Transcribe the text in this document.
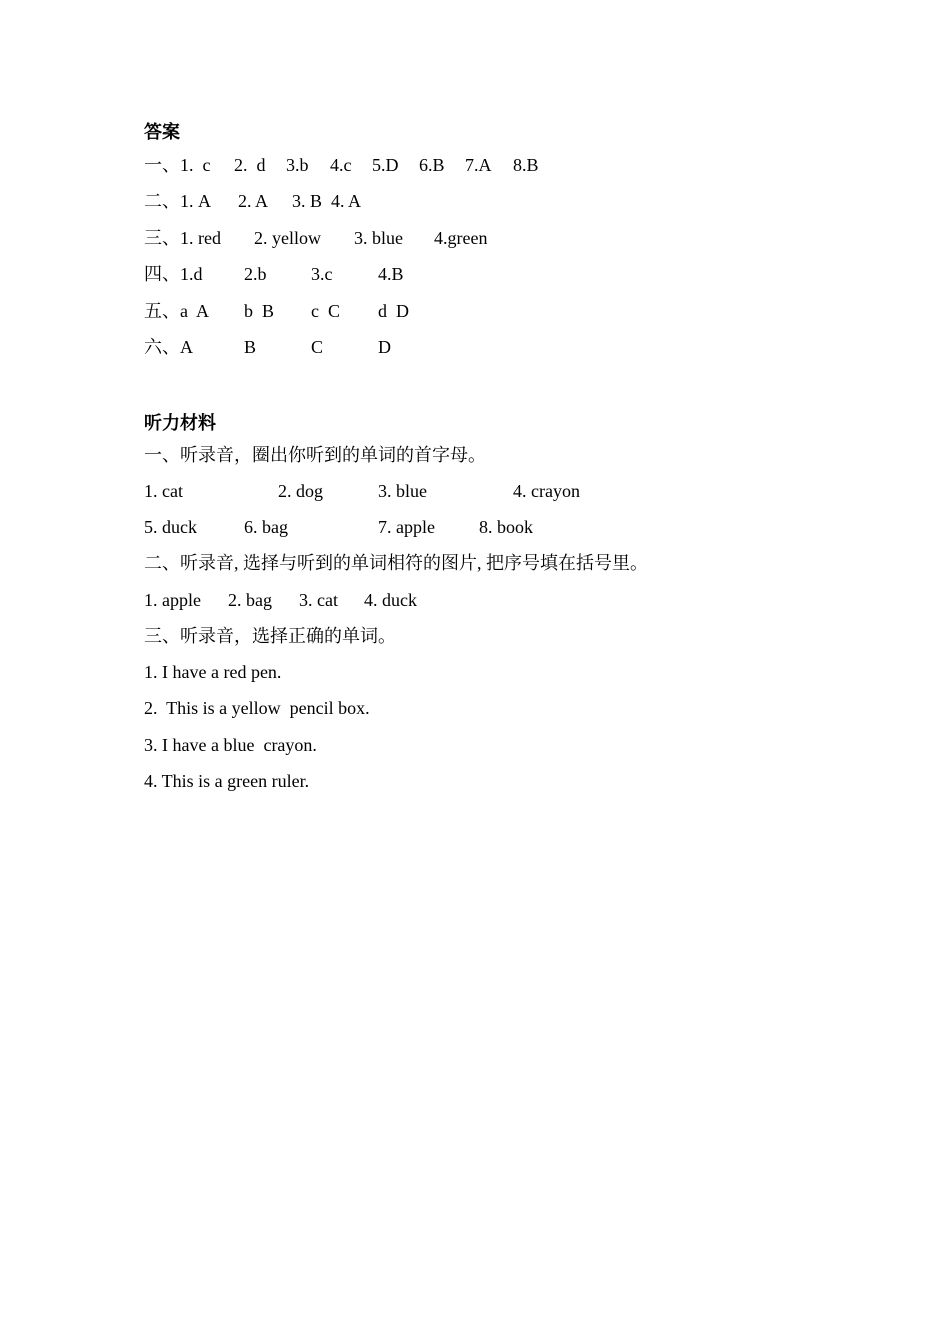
答案
一、1.  c 2.  d 3.b 4.c 5.D 6.B 7.A 8.B
二、1. A 2. A 3. B  4. A
三、1. red 2. yellow 3. blue 4.green
四、1.d 2.b 3.c	4.B
五、a  A b  B c  C d  D
六、A	B	C	D
听力材料
一、听录音，圈出你听到的单词的首字母。
1. cat	2. dog	3. blue	4. crayon
5. duck	6. bag	7. apple 8. book
二、听录音, 选择与听到的单词相符的图片, 把序号填在括号里。
1. apple 2. bag 3. cat 4. duck
三、听录音，选择正确的单词。
1. I have a red pen.
2.  This is a yellow  pencil box.
3. I have a blue  crayon.
4. This is a green ruler.
